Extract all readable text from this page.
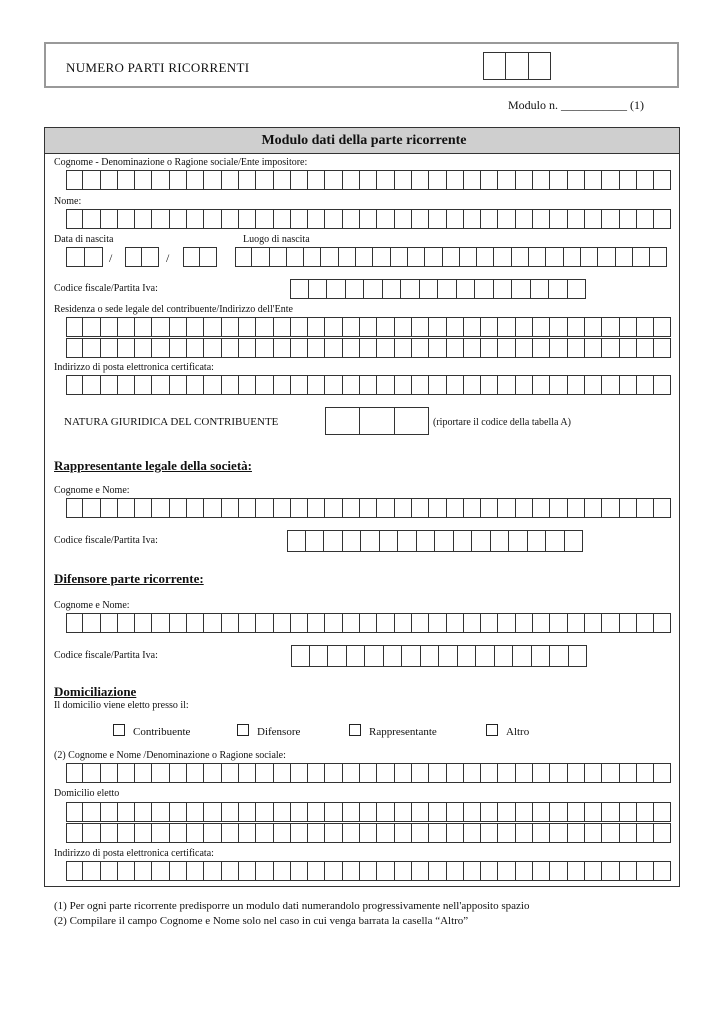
NUMERO PARTI RICORRENTI
Modulo n. ___________ (1)
Modulo dati della parte ricorrente
Cognome - Denominazione o Ragione sociale/Ente impositore:
Nome:
Data di nascita	Luogo di nascita
/	/
Codice fiscale/Partita Iva:
Residenza o sede legale del contribuente/Indirizzo dell'Ente
Indirizzo di posta elettronica certificata:
NATURA GIURIDICA DEL CONTRIBUENTE	(riportare il codice della tabella A)
Rappresentante legale della società:
Cognome e Nome:
Codice fiscale/Partita Iva:
Difensore parte ricorrente:
Cognome e Nome:
Codice fiscale/Partita Iva:
Domiciliazione
Il domicilio viene eletto presso il:
Contribuente	Difensore	Rappresentante	Altro
(2) Cognome e Nome /Denominazione o Ragione sociale:
Domicilio eletto
Indirizzo di posta elettronica certificata:
(1) Per ogni parte ricorrente predisporre un modulo dati numerandolo progressivamente nell'apposito spazio
(2) Compilare il campo Cognome e Nome solo nel caso in cui venga barrata la casella “Altro”
